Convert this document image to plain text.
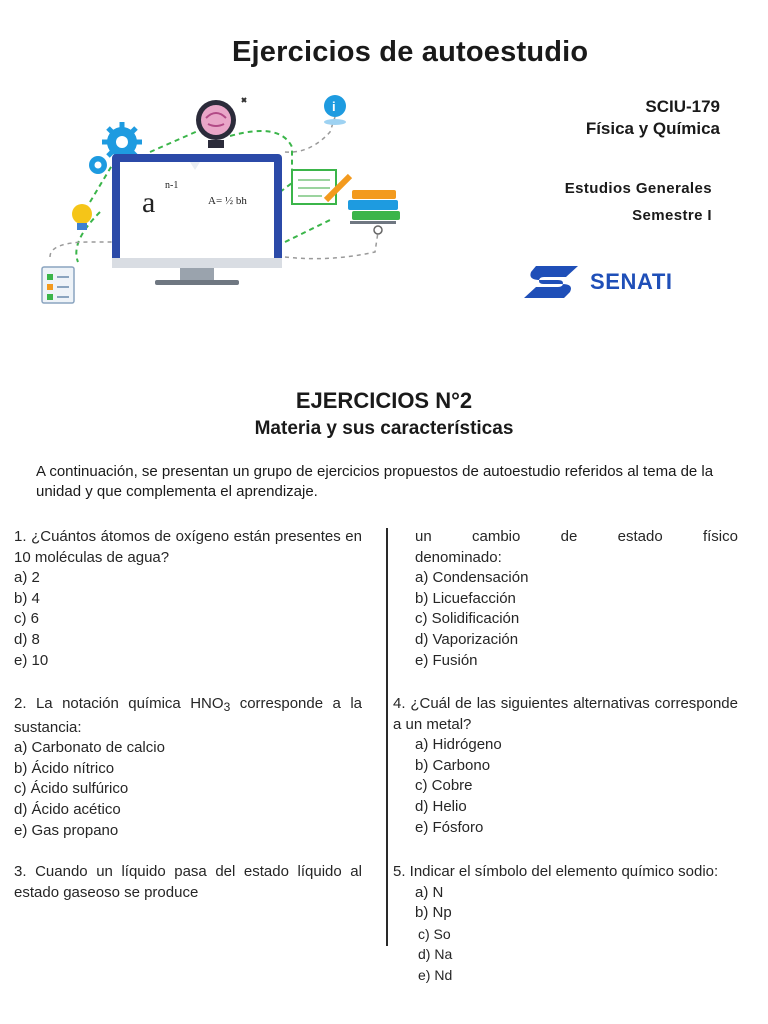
Ejercicios de autoestudio
SCIU-179
Física y Química
Estudios Generales
Semestre I
SENATI
i
a
n-1
A= ½ bh
EJERCICIOS N°2
Materia y sus características
A continuación, se presentan un grupo de ejercicios propuestos de autoestudio referidos al tema de la unidad y que complementa el aprendizaje.

1. ¿Cuántos átomos de oxígeno están presentes en 10 moléculas de agua?

a) 2

b) 4

c) 6

d) 8

e) 10

2. La notación química $HNO_3$ corresponde a la sustancia:

a) Carbonato de calcio

b) Ácido nítrico

c) Ácido sulfúrico

d) Ácido acético

e) Gas propano

3. Cuando un líquido pasa del estado líquido al estado gaseoso se produce

un cambio de estado físico

denominado:

a) Condensación

b) Licuefacción

c) Solidificación

d) Vaporización

e) Fusión

4. ¿Cuál de las siguientes alternativas corresponde a un metal?

a) Hidrógeno

b) Carbono

c) Cobre

d) Helio

e) Fósforo

5. Indicar el símbolo del elemento químico sodio:

a) N

b) Np

c) So

d) Na

e) Nd
